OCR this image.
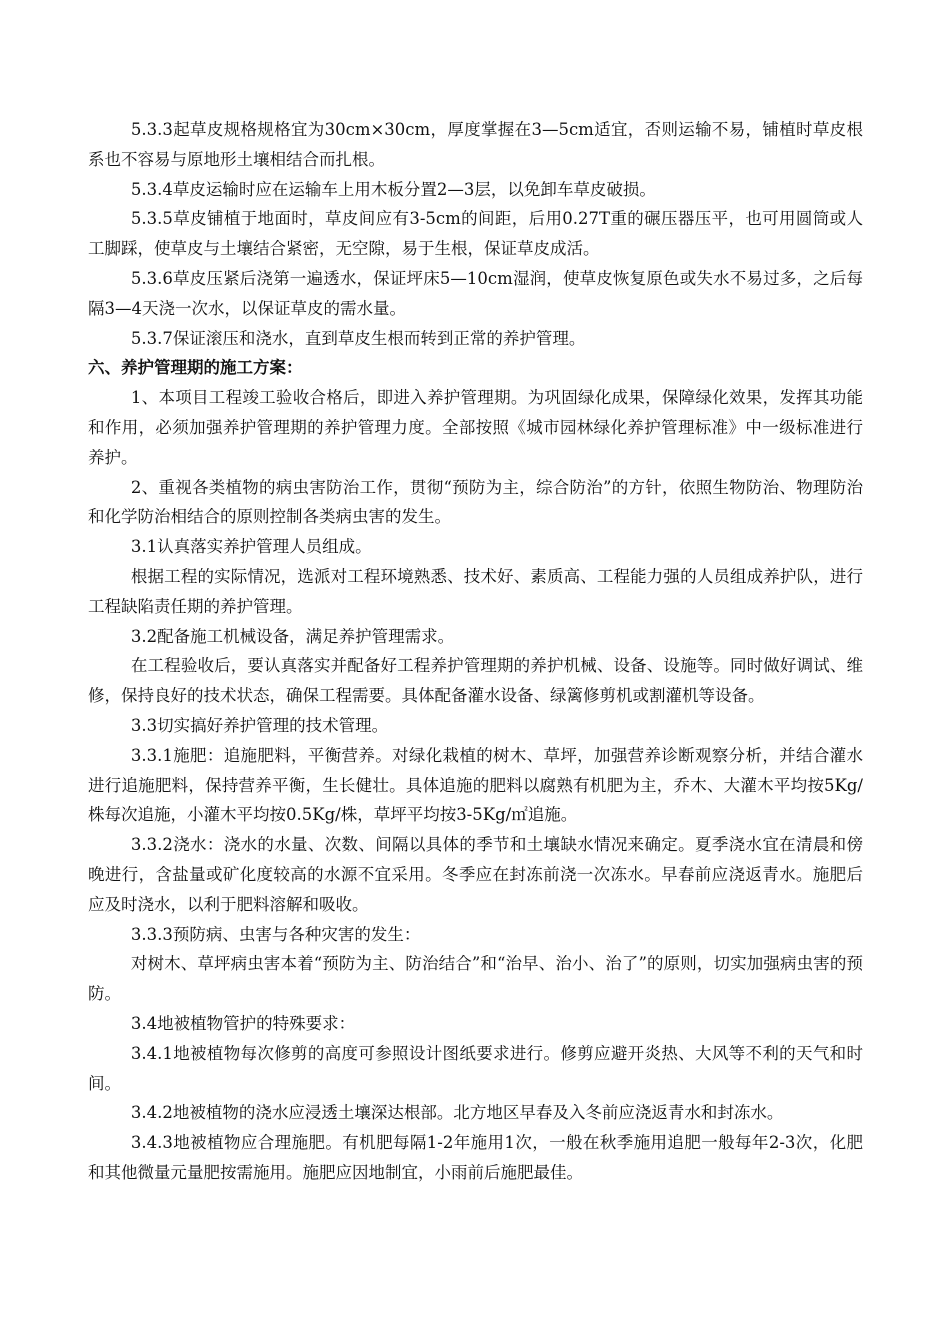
5.3.3起草皮规格规格宜为30cm×30cm，厚度掌握在3—5cm适宜，否则运输不易，铺植时草皮根系也不容易与原地形土壤相结合而扎根。

5.3.4草皮运输时应在运输车上用木板分置2—3层，以免卸车草皮破损。

5.3.5草皮铺植于地面时，草皮间应有3-5cm的间距，后用0.27T重的碾压器压平，也可用圆筒或人工脚踩，使草皮与土壤结合紧密，无空隙，易于生根，保证草皮成活。

5.3.6草皮压紧后浇第一遍透水，保证坪床5—10cm湿润，使草皮恢复原色或失水不易过多，之后每隔3—4天浇一次水，以保证草皮的需水量。

5.3.7保证滚压和浇水，直到草皮生根而转到正常的养护管理。

六、养护管理期的施工方案：

1、本项目工程竣工验收合格后，即进入养护管理期。为巩固绿化成果，保障绿化效果，发挥其功能和作用，必须加强养护管理期的养护管理力度。全部按照《城市园林绿化养护管理标准》中一级标准进行养护。

2、重视各类植物的病虫害防治工作，贯彻“预防为主，综合防治”的方针，依照生物防治、物理防治和化学防治相结合的原则控制各类病虫害的发生。

3.1认真落实养护管理人员组成。

根据工程的实际情况，选派对工程环境熟悉、技术好、素质高、工程能力强的人员组成养护队，进行工程缺陷责任期的养护管理。

3.2配备施工机械设备，满足养护管理需求。

在工程验收后，要认真落实并配备好工程养护管理期的养护机械、设备、设施等。同时做好调试、维修，保持良好的技术状态，确保工程需要。具体配备灌水设备、绿篱修剪机或割灌机等设备。

3.3切实搞好养护管理的技术管理。

3.3.1施肥：追施肥料，平衡营养。对绿化栽植的树木、草坪，加强营养诊断观察分析，并结合灌水进行追施肥料，保持营养平衡，生长健壮。具体追施的肥料以腐熟有机肥为主，乔木、大灌木平均按5Kg/株每次追施，小灌木平均按0.5Kg/株，草坪平均按3-5Kg/㎡追施。

3.3.2浇水：浇水的水量、次数、间隔以具体的季节和土壤缺水情况来确定。夏季浇水宜在清晨和傍晚进行，含盐量或矿化度较高的水源不宜采用。冬季应在封冻前浇一次冻水。早春前应浇返青水。施肥后应及时浇水，以利于肥料溶解和吸收。

3.3.3预防病、虫害与各种灾害的发生：

对树木、草坪病虫害本着“预防为主、防治结合”和“治早、治小、治了”的原则，切实加强病虫害的预防。

3.4地被植物管护的特殊要求：

3.4.1地被植物每次修剪的高度可参照设计图纸要求进行。修剪应避开炎热、大风等不利的天气和时间。

3.4.2地被植物的浇水应浸透土壤深达根部。北方地区早春及入冬前应浇返青水和封冻水。

3.4.3地被植物应合理施肥。有机肥每隔1-2年施用1次，一般在秋季施用追肥一般每年2-3次，化肥和其他微量元量肥按需施用。施肥应因地制宜，小雨前后施肥最佳。
